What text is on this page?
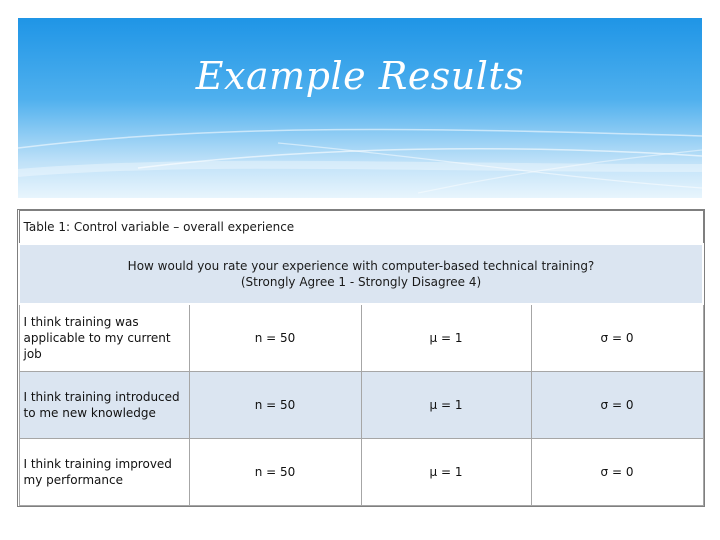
Example Results
Table 1: Control variable – overall experience			

How would you rate your experience with computer-based technical training?
(Strongly Agree 1 - Strongly Disagree 4)			

I think training was applicable to my current job	n = 50	μ = 1	σ = 0
I think training introduced to me new knowledge	n = 50	μ = 1	σ = 0
I think training improved my performance	n = 50	μ = 1	σ = 0
